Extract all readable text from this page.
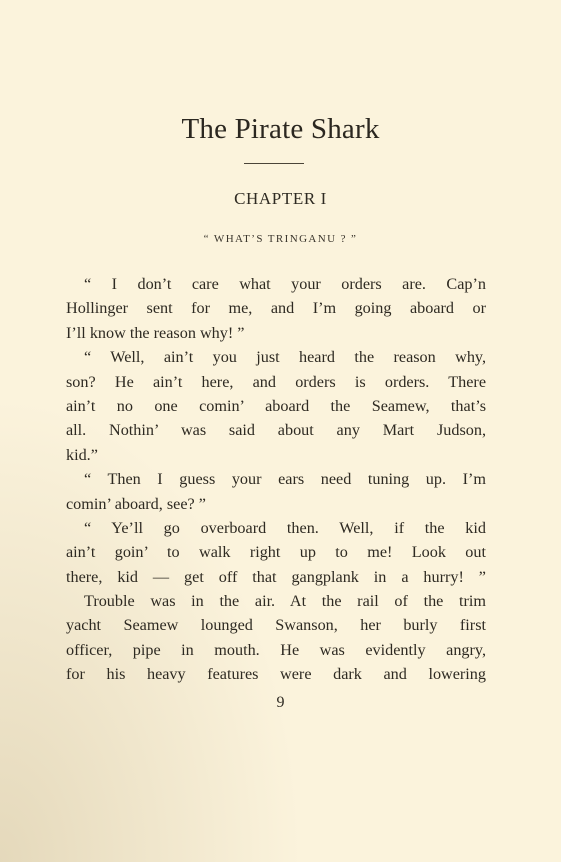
The Pirate Shark
CHAPTER I
“ WHAT’S TRINGANU ? ”
“ I don’t care what your orders are. Cap’n
Hollinger sent for me, and I’m going aboard or
I’ll know the reason why! ”
“ Well, ain’t you just heard the reason why,
son? He ain’t here, and orders is orders. There
ain’t no one comin’ aboard the Seamew, that’s
all. Nothin’ was said about any Mart Judson,
kid.”
“ Then I guess your ears need tuning up. I’m
comin’ aboard, see? ”
“ Ye’ll go overboard then. Well, if the kid
ain’t goin’ to walk right up to me! Look out
there, kid — get off that gangplank in a hurry! ”
Trouble was in the air. At the rail of the trim
yacht Seamew lounged Swanson, her burly first
officer, pipe in mouth. He was evidently angry,
for his heavy features were dark and lowering
9
